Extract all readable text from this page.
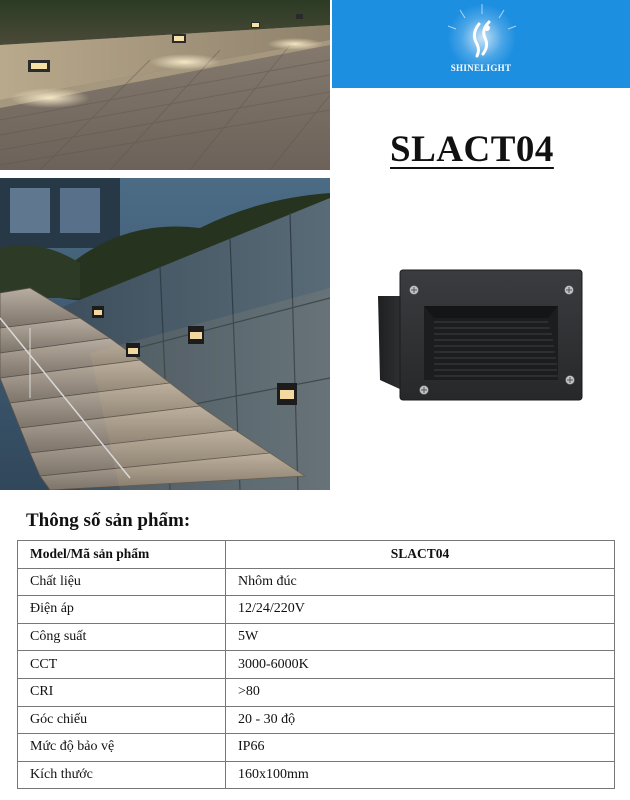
SHINELIGHT
SLACT04
Thông số sản phẩm:
Model/Mã sản phẩm	SLACT04
Chất liệu	Nhôm đúc
Điện áp	12/24/220V
Công suất	5W
CCT	3000-6000K
CRI	>80
Góc chiếu	20 - 30 độ
Mức độ bảo vệ	IP66
Kích thước	160x100mm
